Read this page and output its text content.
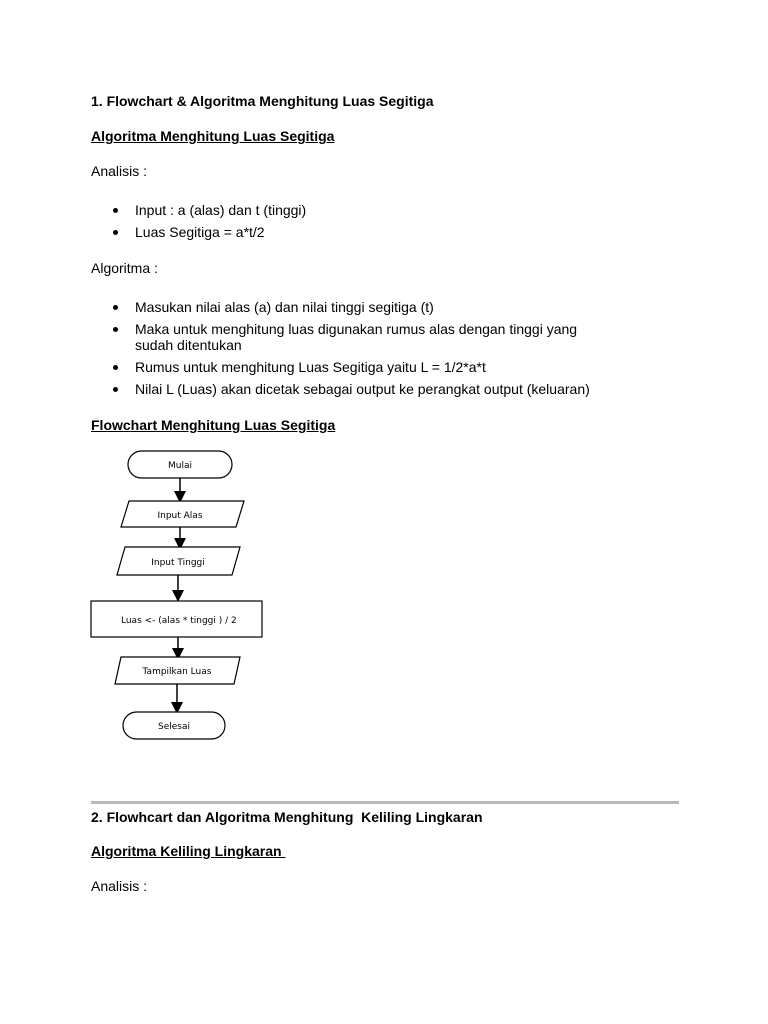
1. Flowchart & Algoritma Menghitung Luas Segitiga
Algoritma Menghitung Luas Segitiga
Analisis :
Input : a (alas) dan t (tinggi)
Luas Segitiga = a*t/2
Algoritma :
Masukan nilai alas (a) dan nilai tinggi segitiga (t)
Maka untuk menghitung luas digunakan rumus alas dengan tinggi yang sudah ditentukan
Rumus untuk menghitung Luas Segitiga yaitu L = 1/2*a*t
Nilai L (Luas) akan dicetak sebagai output ke perangkat output (keluaran)
Flowchart Menghitung Luas Segitiga
Mulai
Input Alas
Input Tinggi
Luas <- (alas * tinggi ) / 2
Tampilkan Luas
Selesai
2. Flowhcart dan Algoritma Menghitung  Keliling Lingkaran
Algoritma Keliling Lingkaran
Analisis :
